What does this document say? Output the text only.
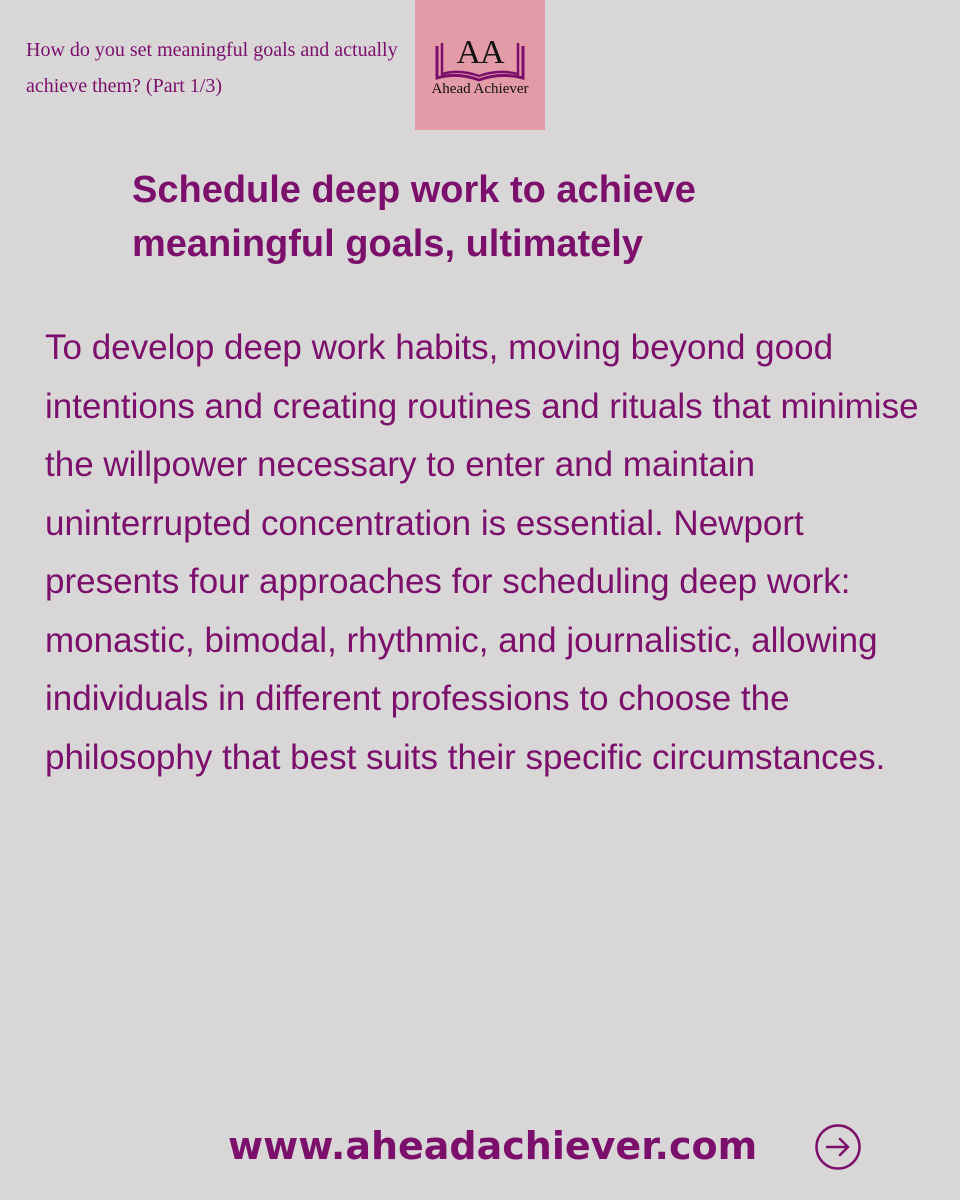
How do you set meaningful goals and actually achieve them? (Part 1/3)
AA
Ahead Achiever
Schedule deep work to achieve meaningful goals, ultimately

To develop deep work habits, moving beyond good intentions and creating routines and rituals that minimise the willpower necessary to enter and maintain uninterrupted concentration is essential. Newport presents four approaches for scheduling deep work: monastic, bimodal, rhythmic, and journalistic, allowing individuals in different professions to choose the philosophy that best suits their specific circumstances.

www.aheadachiever.com
